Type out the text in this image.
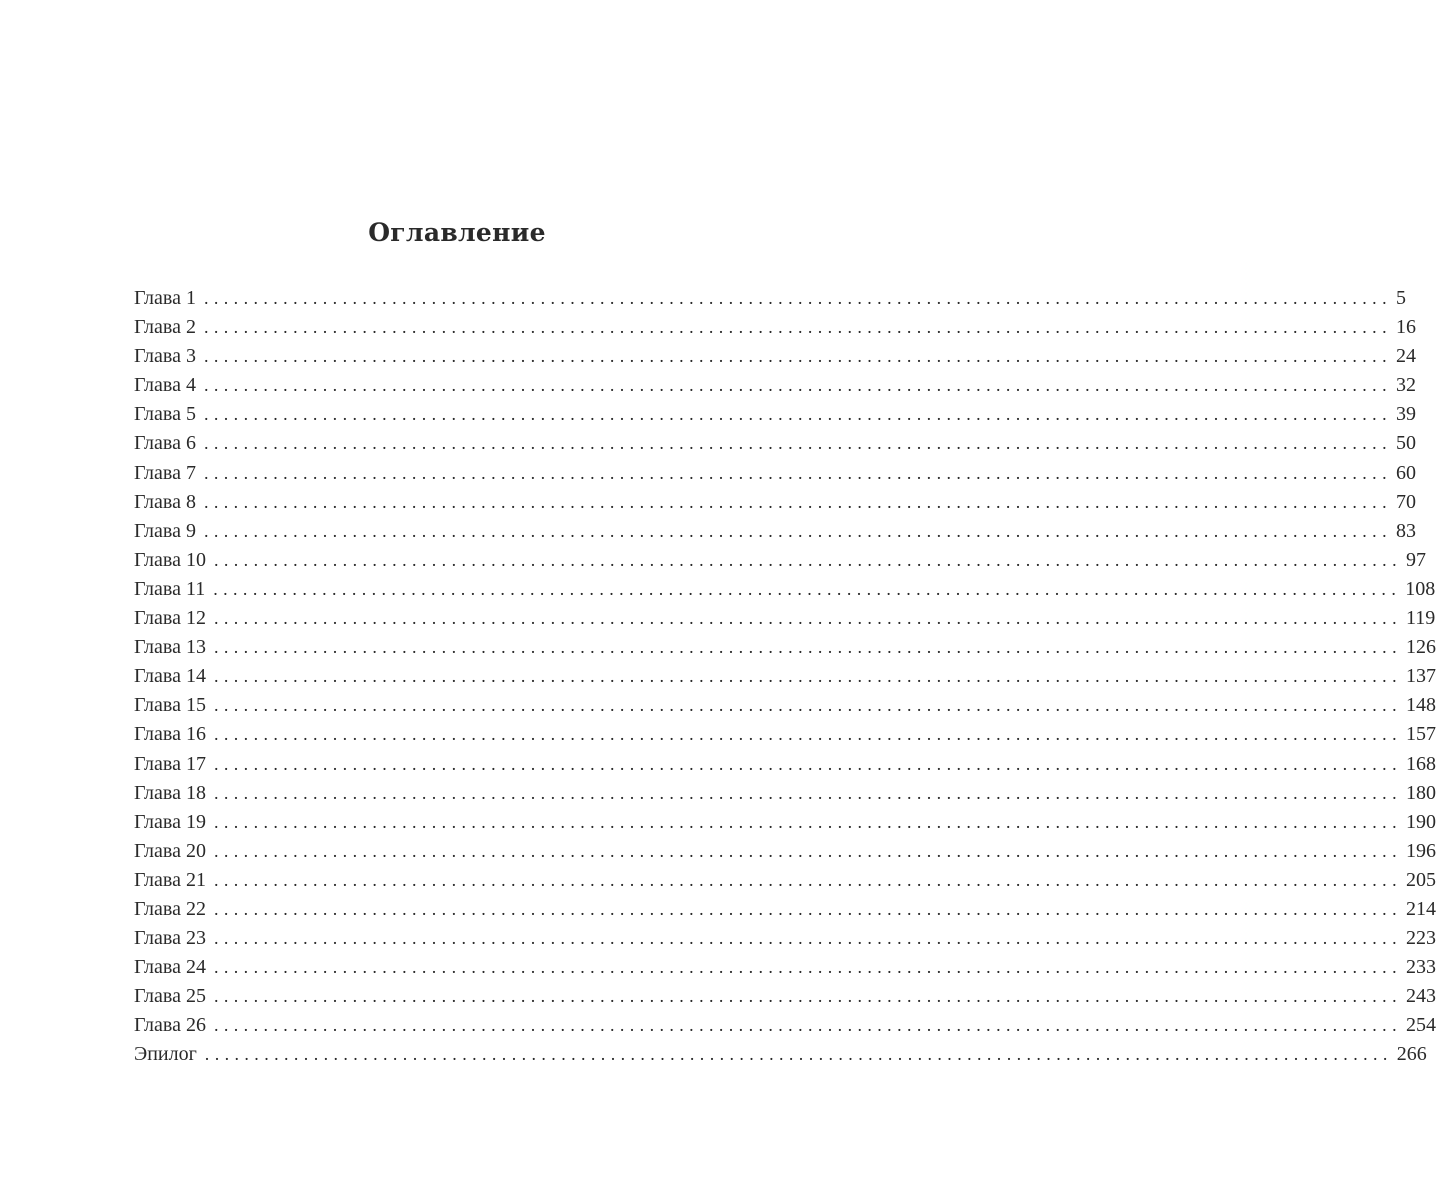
Оглавление
Глава 1 ........................................................................................................................ 5
Глава 2 ........................................................................................................................ 16
Глава 3 ........................................................................................................................ 24
Глава 4 ........................................................................................................................ 32
Глава 5 ........................................................................................................................ 39
Глава 6 ........................................................................................................................ 50
Глава 7 ........................................................................................................................ 60
Глава 8 ........................................................................................................................ 70
Глава 9 ........................................................................................................................ 83
Глава 10 ........................................................................................................................ 97
Глава 11 ........................................................................................................................ 108
Глава 12 ........................................................................................................................ 119
Глава 13 ........................................................................................................................ 126
Глава 14 ........................................................................................................................ 137
Глава 15 ........................................................................................................................ 148
Глава 16 ........................................................................................................................ 157
Глава 17 ........................................................................................................................ 168
Глава 18 ........................................................................................................................ 180
Глава 19 ........................................................................................................................ 190
Глава 20 ........................................................................................................................ 196
Глава 21 ........................................................................................................................ 205
Глава 22 ........................................................................................................................ 214
Глава 23 ........................................................................................................................ 223
Глава 24 ........................................................................................................................ 233
Глава 25 ........................................................................................................................ 243
Глава 26 ........................................................................................................................ 254
Эпилог ........................................................................................................................ 266
